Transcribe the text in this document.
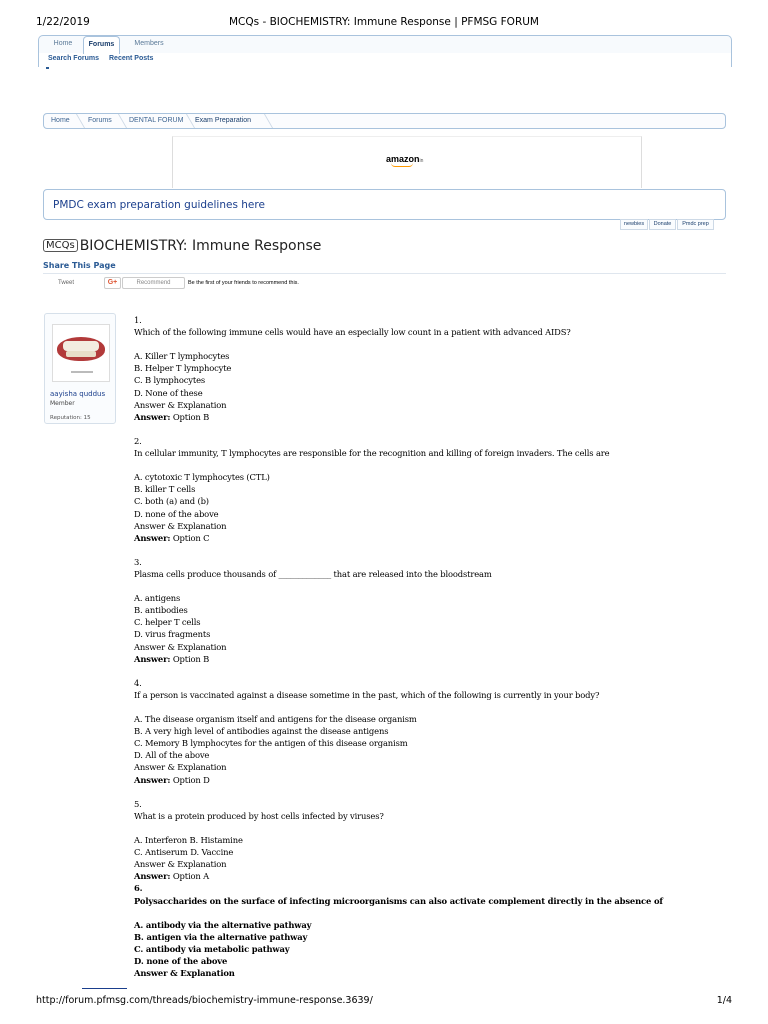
1/22/2019	MCQs - BIOCHEMISTRY: Immune Response | PFMSG FORUM
Home	Forums	Members
Search Forums Recent Posts
Home	Forums DENTAL FORUM Exam Preparation
amazonin
PMDC exam preparation guidelines here
newbies	Donate	Pmdc prep
MCQs BIOCHEMISTRY: Immune Response
Share This Page
Tweet	G+	Recommend	Be the first of your friends to recommend this.
aayisha quddus
Member
Reputation: 15
1.
Which of the following immune cells would have an especially low count in a patient with advanced AIDS?
A. Killer T lymphocytes
B. Helper T lymphocyte
C. B lymphocytes
D. None of these
Answer & Explanation
Answer: Option B
2.
In cellular immunity, T lymphocytes are responsible for the recognition and killing of foreign invaders. The cells are
A. cytotoxic T lymphocytes (CTL)
B. killer T cells
C. both (a) and (b)
D. none of the above
Answer & Explanation
Answer: Option C
3.
Plasma cells produce thousands of _____________ that are released into the bloodstream
A. antigens
B. antibodies
C. helper T cells
D. virus fragments
Answer & Explanation
Answer: Option B
4.
If a person is vaccinated against a disease sometime in the past, which of the following is currently in your body?
A. The disease organism itself and antigens for the disease organism
B. A very high level of antibodies against the disease antigens
C. Memory B lymphocytes for the antigen of this disease organism
D. All of the above
Answer & Explanation
Answer: Option D
5.
What is a protein produced by host cells infected by viruses?
A. Interferon B. Histamine
C. Antiserum D. Vaccine
Answer & Explanation
Answer: Option A
6.
Polysaccharides on the surface of infecting microorganisms can also activate complement directly in the absence of
A. antibody via the alternative pathway
B. antigen via the alternative pathway
C. antibody via metabolic pathway
D. none of the above
Answer & Explanation
http://forum.pfmsg.com/threads/biochemistry-immune-response.3639/	1/4
